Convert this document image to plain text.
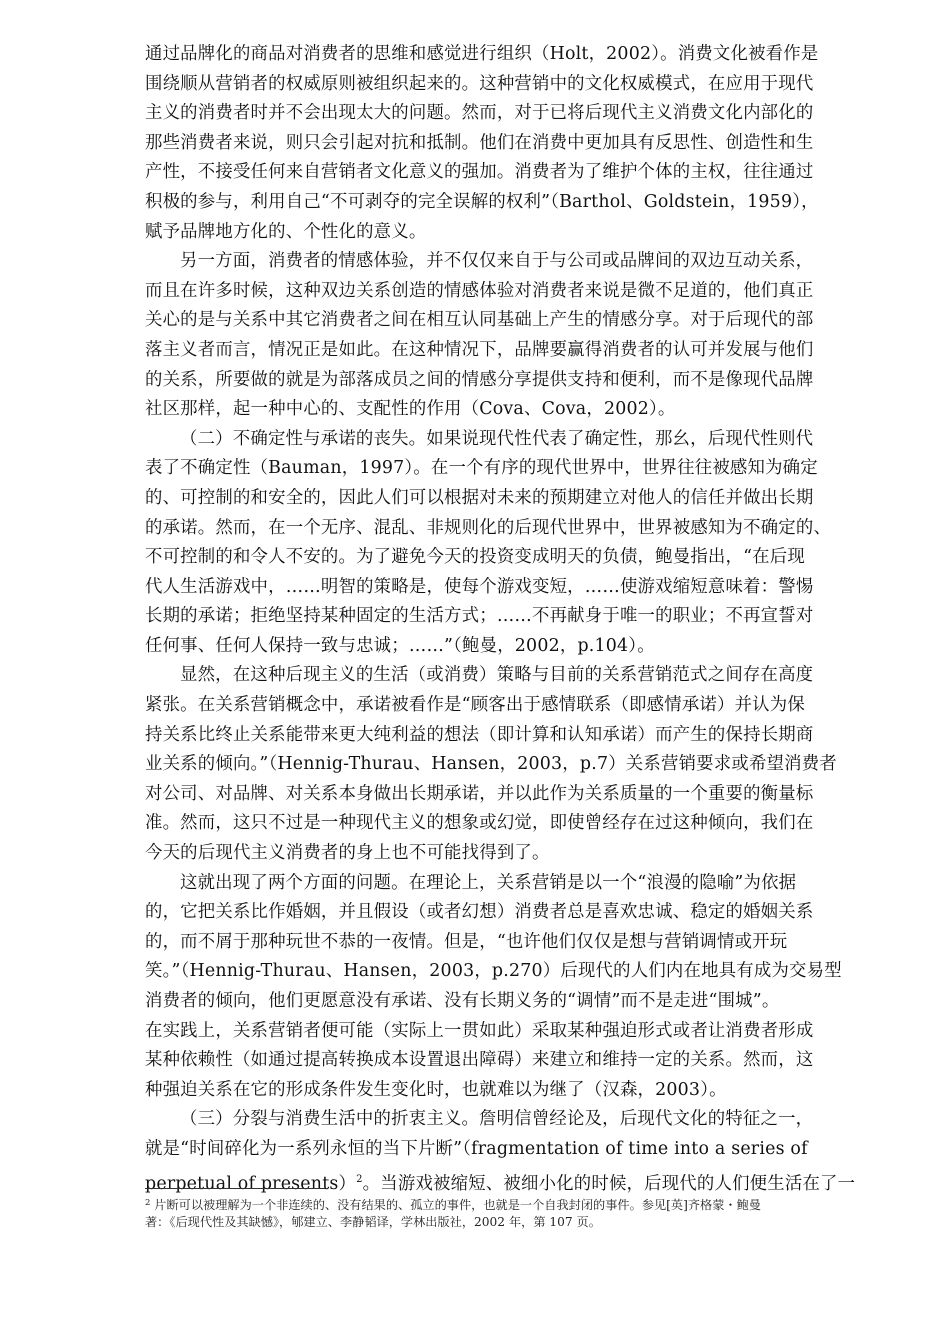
通过品牌化的商品对消费者的思维和感觉进行组织（Holt，2002）。消费文化被看作是
围绕顺从营销者的权威原则被组织起来的。这种营销中的文化权威模式，在应用于现代
主义的消费者时并不会出现太大的问题。然而，对于已将后现代主义消费文化内部化的
那些消费者来说，则只会引起对抗和抵制。他们在消费中更加具有反思性、创造性和生
产性，不接受任何来自营销者文化意义的强加。消费者为了维护个体的主权，往往通过
积极的参与，利用自己“不可剥夺的完全误解的权利”（Barthol、Goldstein，1959），
赋予品牌地方化的、个性化的意义。
另一方面，消费者的情感体验，并不仅仅来自于与公司或品牌间的双边互动关系，
而且在许多时候，这种双边关系创造的情感体验对消费者来说是微不足道的，他们真正
关心的是与关系中其它消费者之间在相互认同基础上产生的情感分享。对于后现代的部
落主义者而言，情况正是如此。在这种情况下，品牌要赢得消费者的认可并发展与他们
的关系，所要做的就是为部落成员之间的情感分享提供支持和便利，而不是像现代品牌
社区那样，起一种中心的、支配性的作用（Cova、Cova，2002）。
（二）不确定性与承诺的丧失。如果说现代性代表了确定性，那幺，后现代性则代
表了不确定性（Bauman，1997）。在一个有序的现代世界中，世界往往被感知为确定
的、可控制的和安全的，因此人们可以根据对未来的预期建立对他人的信任并做出长期
的承诺。然而，在一个无序、混乱、非规则化的后现代世界中，世界被感知为不确定的、
不可控制的和令人不安的。为了避免今天的投资变成明天的负债，鲍曼指出，“在后现
代人生活游戏中，……明智的策略是，使每个游戏变短，……使游戏缩短意味着：警惕
长期的承诺；拒绝坚持某种固定的生活方式；……不再献身于唯一的职业；不再宣誓对
任何事、任何人保持一致与忠诚；……”（鲍曼，2002，p.104）。
显然，在这种后现主义的生活（或消费）策略与目前的关系营销范式之间存在高度
紧张。在关系营销概念中，承诺被看作是“顾客出于感情联系（即感情承诺）并认为保
持关系比终止关系能带来更大纯利益的想法（即计算和认知承诺）而产生的保持长期商
业关系的倾向。”（Hennig-Thurau、Hansen，2003，p.7）关系营销要求或希望消费者
对公司、对品牌、对关系本身做出长期承诺，并以此作为关系质量的一个重要的衡量标
准。然而，这只不过是一种现代主义的想象或幻觉，即使曾经存在过这种倾向，我们在
今天的后现代主义消费者的身上也不可能找得到了。
这就出现了两个方面的问题。在理论上，关系营销是以一个“浪漫的隐喻”为依据
的，它把关系比作婚姻，并且假设（或者幻想）消费者总是喜欢忠诚、稳定的婚姻关系
的，而不屑于那种玩世不恭的一夜情。但是，“也许他们仅仅是想与营销调情或开玩
笑。”（Hennig-Thurau、Hansen，2003，p.270）后现代的人们内在地具有成为交易型
消费者的倾向，他们更愿意没有承诺、没有长期义务的“调情”而不是走进“围城”。
在实践上，关系营销者便可能（实际上一贯如此）采取某种强迫形式或者让消费者形成
某种依赖性（如通过提高转换成本设置退出障碍）来建立和维持一定的关系。然而，这
种强迫关系在它的形成条件发生变化时，也就难以为继了（汉森，2003）。
（三）分裂与消费生活中的折衷主义。詹明信曾经论及，后现代文化的特征之一，
就是“时间碎化为一系列永恒的当下片断”（fragmentation of time into a series of
perpetual of presents）$^2$。当游戏被缩短、被细小化的时候，后现代的人们便生活在了一
$^2$ 片断可以被理解为一个非连续的、没有结果的、孤立的事件，也就是一个自我封闭的事件。参见[英]齐格蒙・鲍曼
著：《后现代性及其缺憾》，郇建立、李静韬译，学林出版社，2002 年，第 107 页。
